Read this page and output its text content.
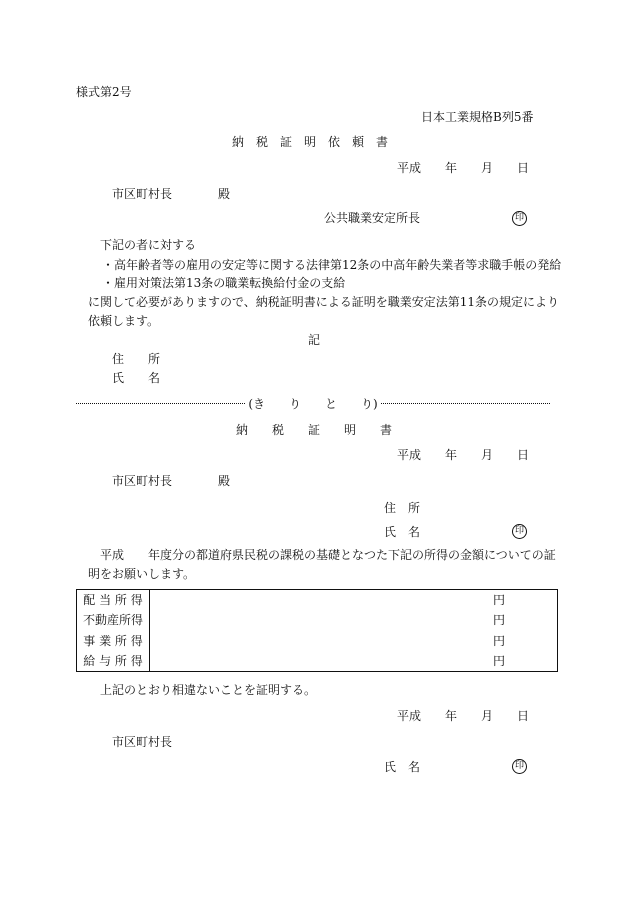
様式第2号
日本工業規格B列5番
納　税　証　明　依　頼　書
平成　　年　　月　　日
市区町村長	殿
公共職業安定所長	印
下記の者に対する
・高年齢者等の雇用の安定等に関する法律第12条の中高年齢失業者等求職手帳の発給
・雇用対策法第13条の職業転換給付金の支給
に関して必要がありますので、納税証明書による証明を職業安定法第11条の規定により
依頼します。
記
住　　所
氏　　名
(き　　り　　と　　り)
納　　税　　証　　明　　書
平成　　年　　月　　日
市区町村長	殿
住　所
氏　名	印
平成　　年度分の都道府県民税の課税の基礎となつた下記の所得の金額についての証
明をお願いします。
配 当 所 得	円
不動産所得	円
事 業 所 得	円
給 与 所 得	円
上記のとおり相違ないことを証明する。
平成　　年　　月　　日
市区町村長
氏　名	印
